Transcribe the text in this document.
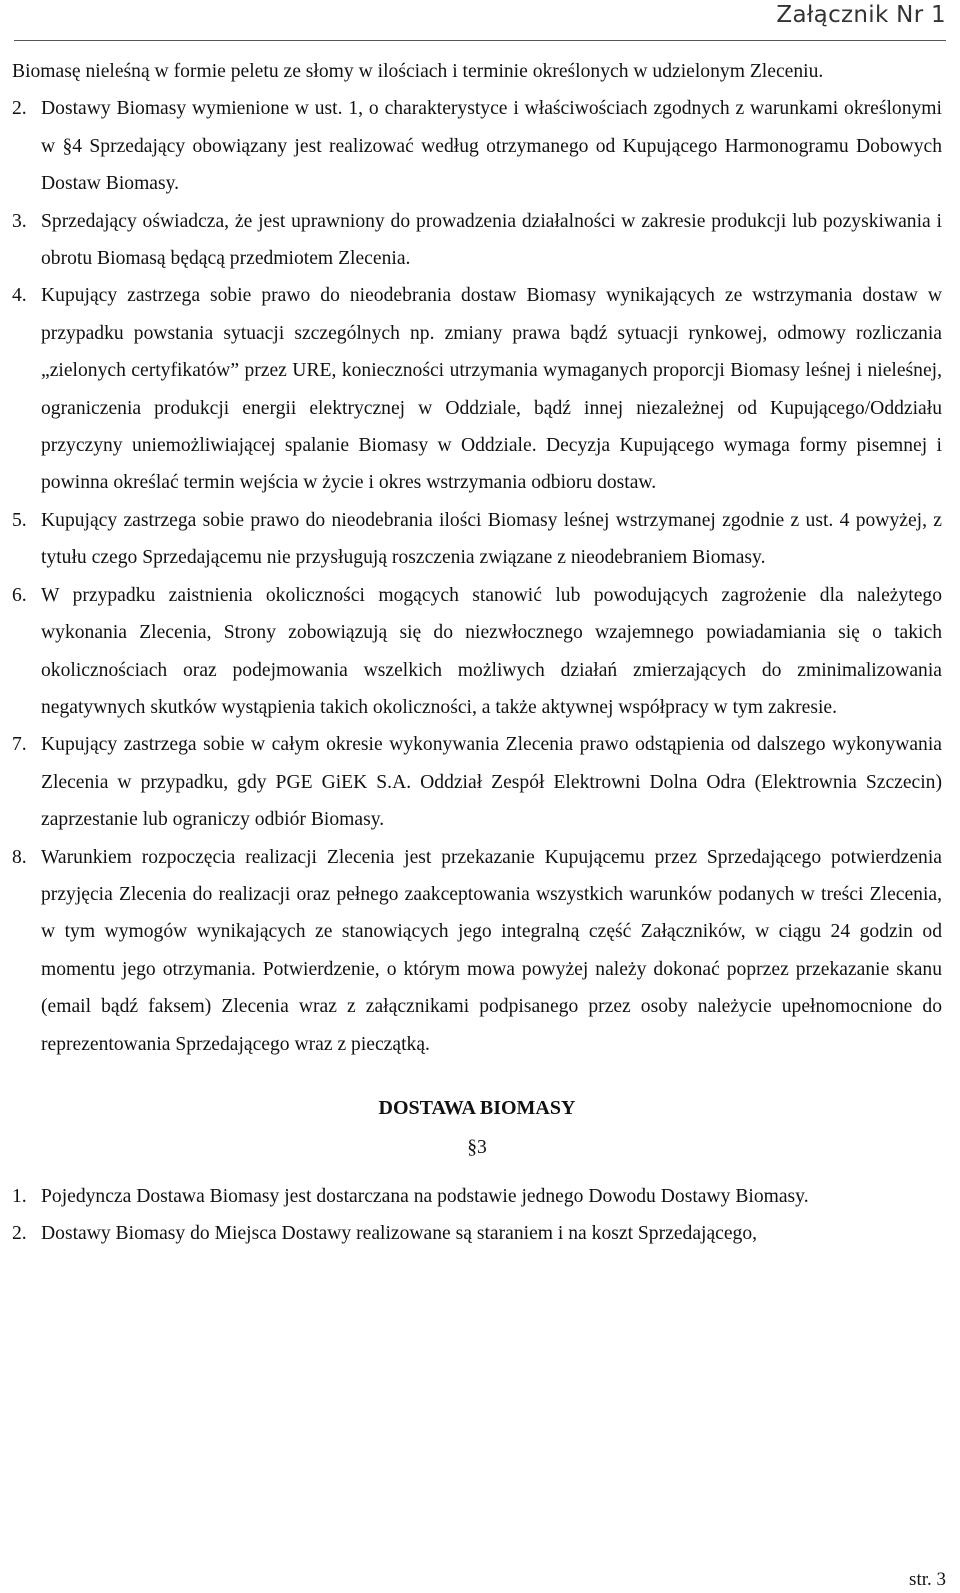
Załącznik Nr 1

Biomasę nieleśną w formie peletu ze słomy w ilościach i terminie określonych w udzielonym Zleceniu.

2. Dostawy Biomasy wymienione w ust. 1, o charakterystyce i właściwościach zgodnych z warunkami określonymi w §4 Sprzedający obowiązany jest realizować według otrzymanego od Kupującego Harmonogramu Dobowych Dostaw Biomasy.
3. Sprzedający oświadcza, że jest uprawniony do prowadzenia działalności w zakresie produkcji lub pozyskiwania i obrotu Biomasą będącą przedmiotem Zlecenia.
4. Kupujący zastrzega sobie prawo do nieodebrania dostaw Biomasy wynikających ze wstrzymania dostaw w przypadku powstania sytuacji szczególnych np. zmiany prawa bądź sytuacji rynkowej, odmowy rozliczania „zielonych certyfikatów” przez URE, konieczności utrzymania wymaganych proporcji Biomasy leśnej i nieleśnej, ograniczenia produkcji energii elektrycznej w Oddziale, bądź innej niezależnej od Kupującego/Oddziału przyczyny uniemożliwiającej spalanie Biomasy w Oddziale. Decyzja Kupującego wymaga formy pisemnej i powinna określać termin wejścia w życie i okres wstrzymania odbioru dostaw.
5. Kupujący zastrzega sobie prawo do nieodebrania ilości Biomasy leśnej wstrzymanej zgodnie z ust. 4 powyżej, z tytułu czego Sprzedającemu nie przysługują roszczenia związane z nieodebraniem Biomasy.
6. W przypadku zaistnienia okoliczności mogących stanowić lub powodujących zagrożenie dla należytego wykonania Zlecenia, Strony zobowiązują się do niezwłocznego wzajemnego powiadamiania się o takich okolicznościach oraz podejmowania wszelkich możliwych działań zmierzających do zminimalizowania negatywnych skutków wystąpienia takich okoliczności, a także aktywnej współpracy w tym zakresie.
7. Kupujący zastrzega sobie w całym okresie wykonywania Zlecenia prawo odstąpienia od dalszego wykonywania Zlecenia w przypadku, gdy PGE GiEK S.A. Oddział Zespół Elektrowni Dolna Odra (Elektrownia Szczecin) zaprzestanie lub ograniczy odbiór Biomasy.
8. Warunkiem rozpoczęcia realizacji Zlecenia jest przekazanie Kupującemu przez Sprzedającego potwierdzenia przyjęcia Zlecenia do realizacji oraz pełnego zaakceptowania wszystkich warunków podanych w treści Zlecenia, w tym wymogów wynikających ze stanowiących jego integralną część Załączników, w ciągu 24 godzin od momentu jego otrzymania. Potwierdzenie, o którym mowa powyżej należy dokonać poprzez przekazanie skanu (email bądź faksem) Zlecenia wraz z załącznikami podpisanego przez osoby należycie upełnomocnione do reprezentowania Sprzedającego wraz z pieczątką.
DOSTAWA BIOMASY
§3
1. Pojedyncza Dostawa Biomasy jest dostarczana na podstawie jednego Dowodu Dostawy Biomasy.
2. Dostawy Biomasy do Miejsca Dostawy realizowane są staraniem i na koszt Sprzedającego,
str. 3
